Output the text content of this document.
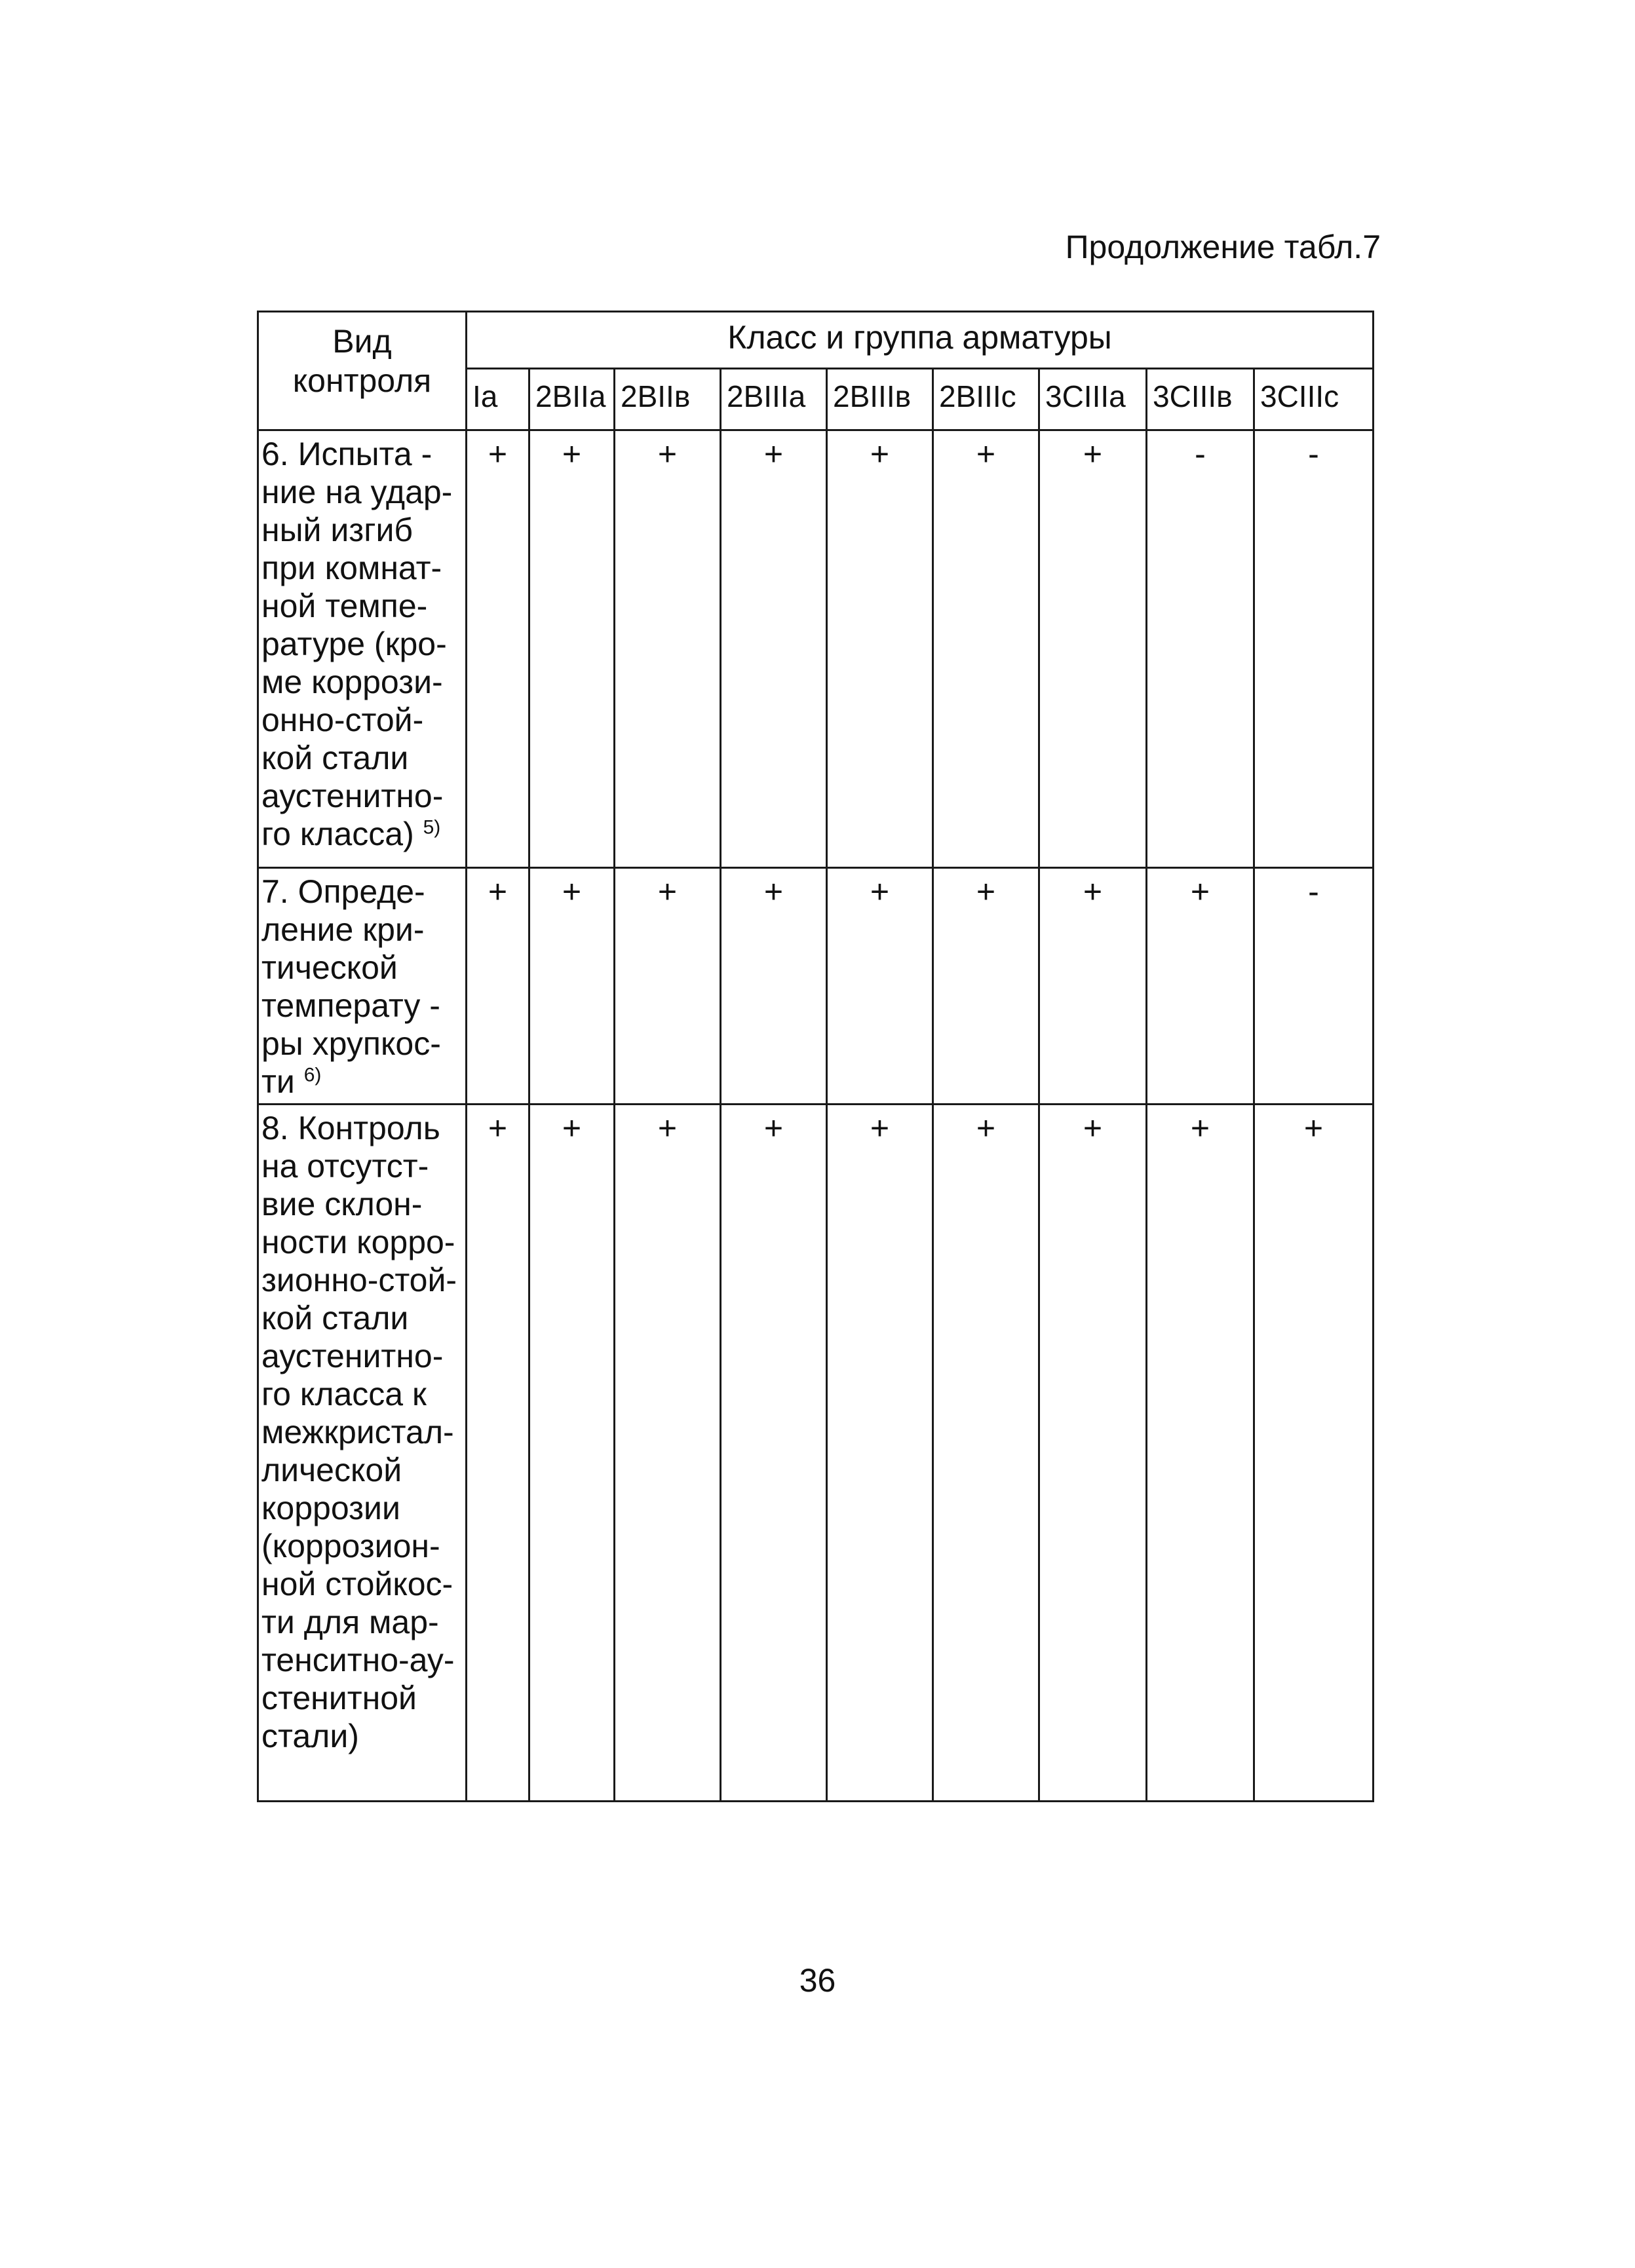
Продолжение табл.7
Вид контроля	Класс и группа арматуры								
	Ia	2BIIa	2BIIв	2BIIIa	2BIIIв	2BIIIc	3CIIIa	3CIIIв	3CIIIc
6. Испыта - ние на удар- ный изгиб при комнат- ной темпе- ратуре (кро- ме коррози- онно-стой- кой стали аустенитно- го класса) $^{5)}$	+	+	+	+	+	+	+	-	-
7. Опреде- ление кри- тической температу - ры хрупкос- ти $^{6)}$	+	+	+	+	+	+	+	+	-
8. Контроль на отсутст- вие склон- ности корро- зионно-стой- кой стали аустенитно- го класса к межкристал- лической коррозии (коррозион- ной стойкос- ти для мар- тенситно-ау- стенитной стали)	+	+	+	+	+	+	+	+	+
36
